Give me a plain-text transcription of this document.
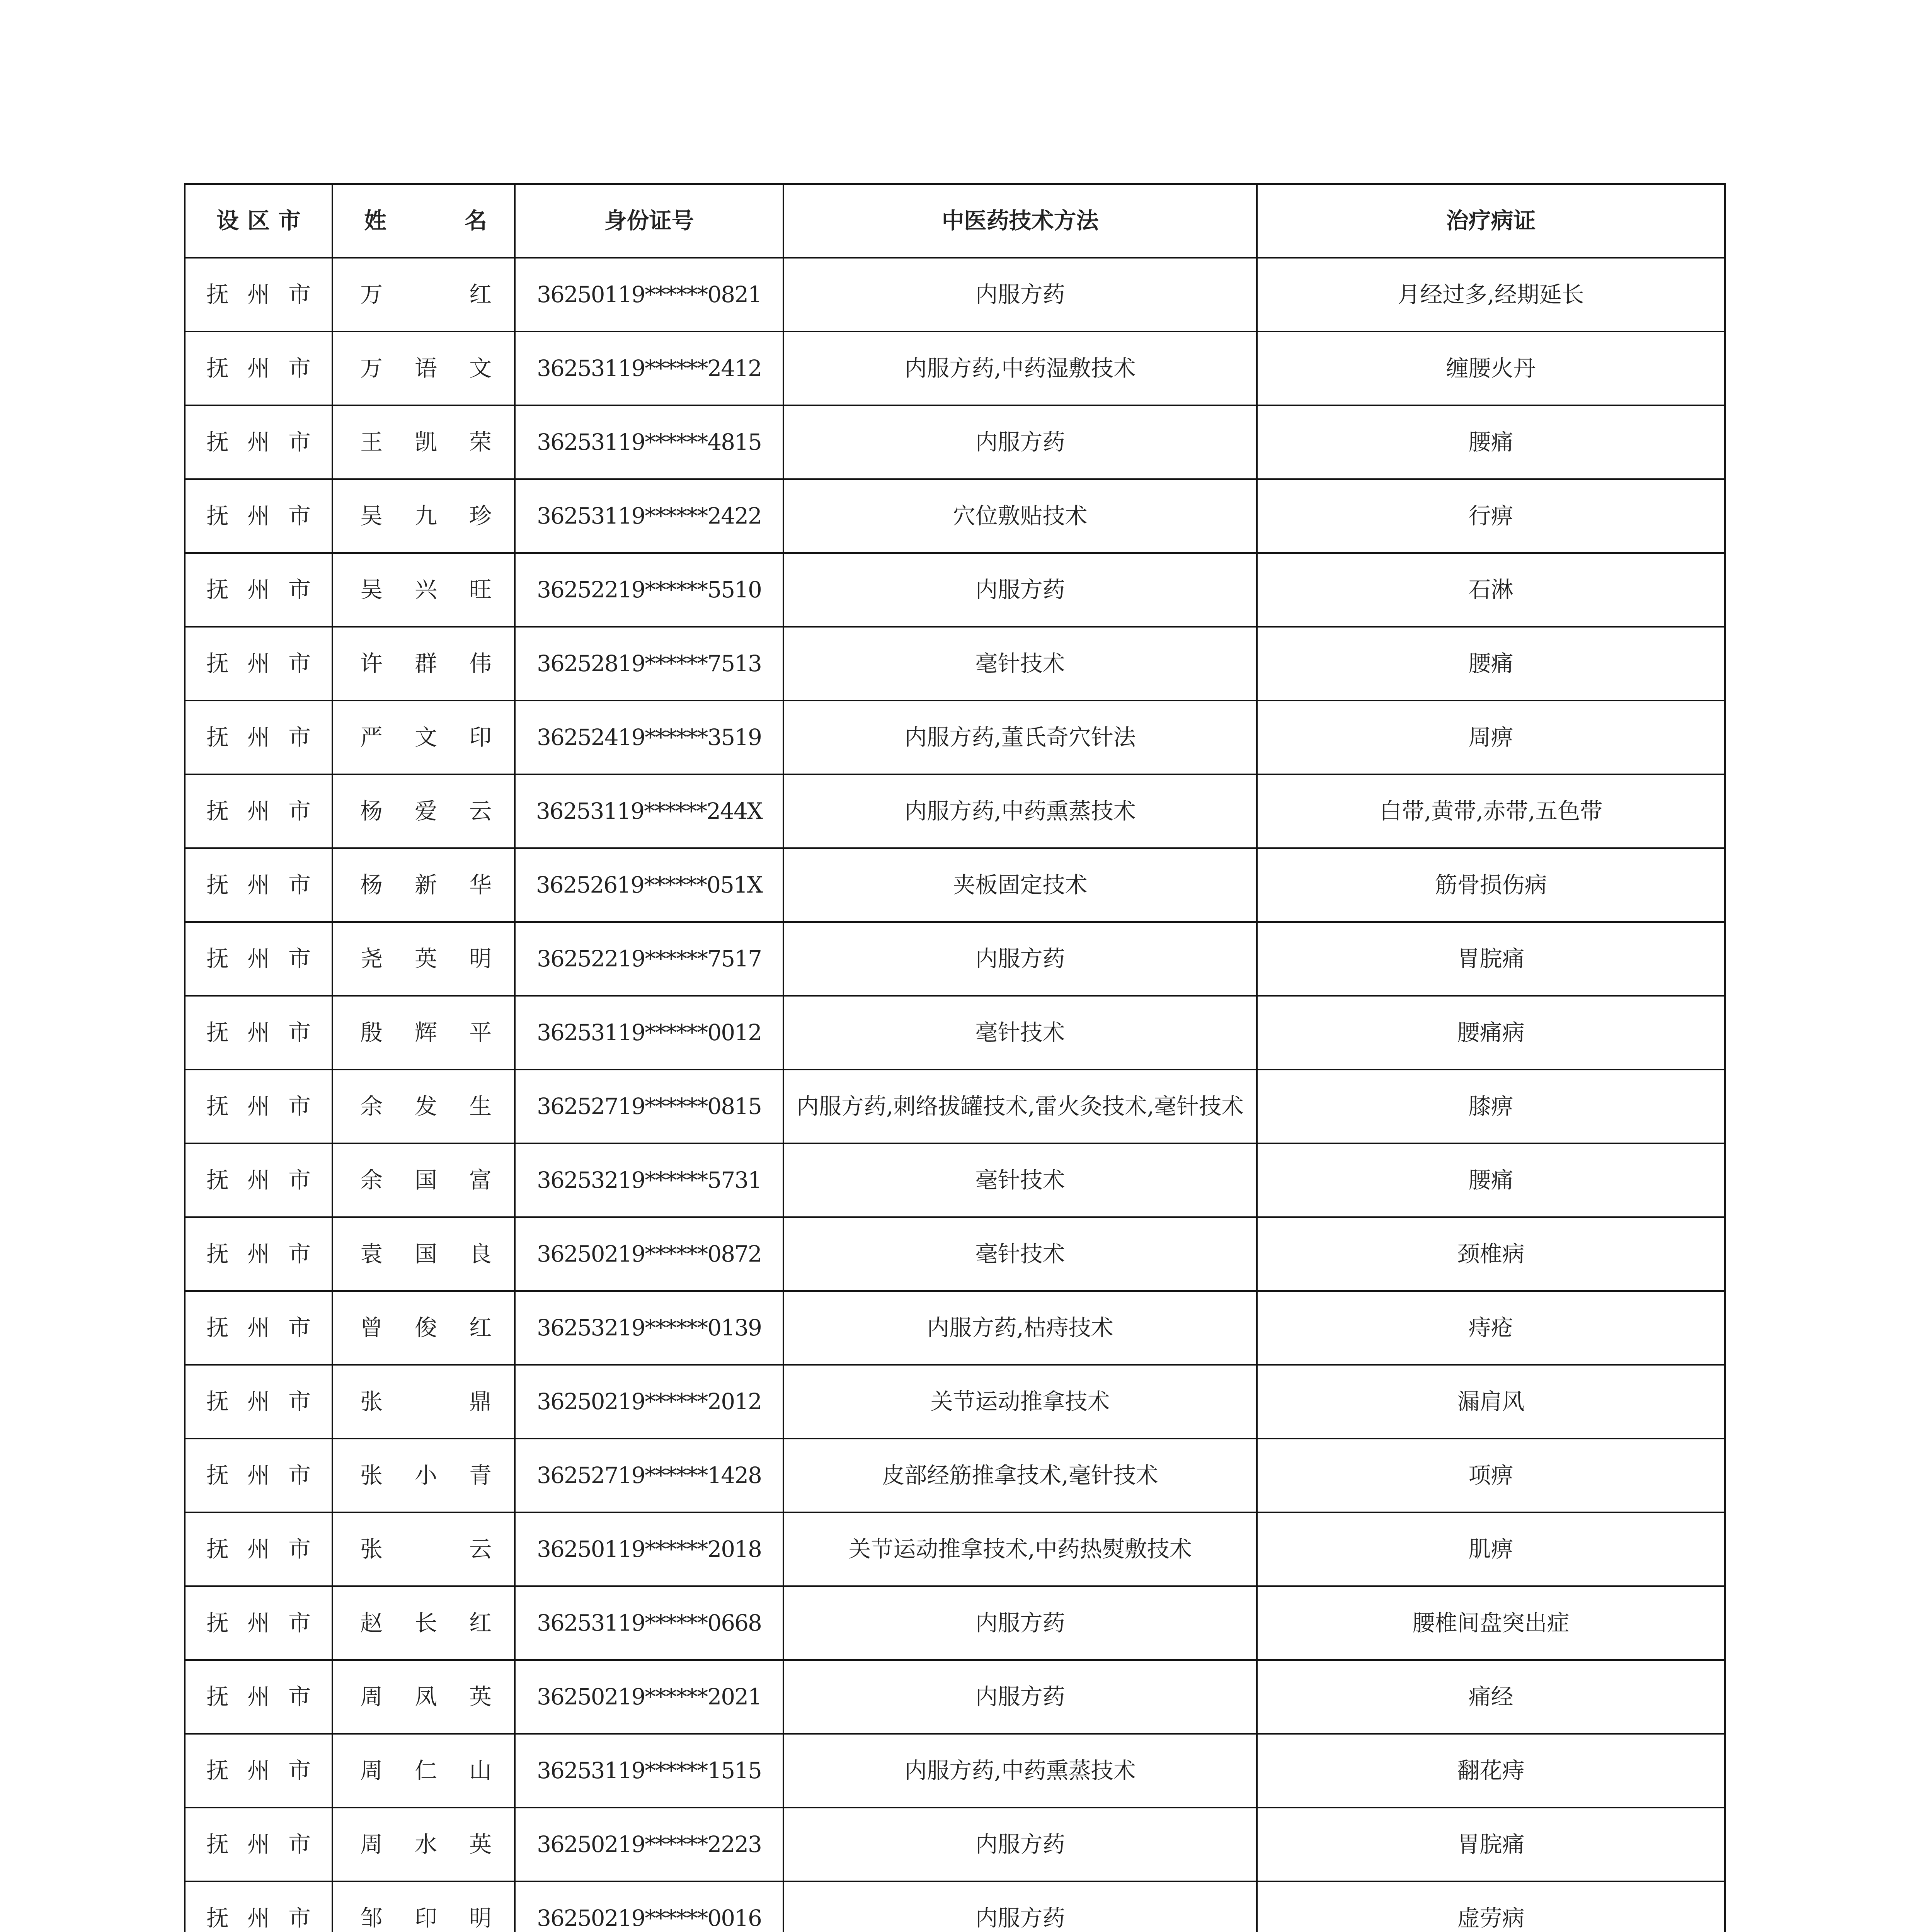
设 区 市	姓 名	身份证号	中医药技术方法	治疗病证

抚 州 市	万 红	36250119******0821	内服方药	月经过多,经期延长

抚 州 市	万 语 文	36253119******2412	内服方药,中药湿敷技术	缠腰火丹

抚 州 市	王 凯 荣	36253119******4815	内服方药	腰痛

抚 州 市	吴 九 珍	36253119******2422	穴位敷贴技术	行痹

抚 州 市	吴 兴 旺	36252219******5510	内服方药	石淋

抚 州 市	许 群 伟	36252819******7513	毫针技术	腰痛

抚 州 市	严 文 印	36252419******3519	内服方药,董氏奇穴针法	周痹

抚 州 市	杨 爱 云	36253119******244X	内服方药,中药熏蒸技术	白带,黄带,赤带,五色带

抚 州 市	杨 新 华	36252619******051X	夹板固定技术	筋骨损伤病

抚 州 市	尧 英 明	36252219******7517	内服方药	胃脘痛

抚 州 市	殷 辉 平	36253119******0012	毫针技术	腰痛病

抚 州 市	余 发 生	36252719******0815	内服方药,刺络拔罐技术,雷火灸技术,毫针技术	膝痹

抚 州 市	余 国 富	36253219******5731	毫针技术	腰痛

抚 州 市	袁 国 良	36250219******0872	毫针技术	颈椎病

抚 州 市	曾 俊 红	36253219******0139	内服方药,枯痔技术	痔疮

抚 州 市	张 鼎	36250219******2012	关节运动推拿技术	漏肩风

抚 州 市	张 小 青	36252719******1428	皮部经筋推拿技术,毫针技术	项痹

抚 州 市	张 云	36250119******2018	关节运动推拿技术,中药热熨敷技术	肌痹

抚 州 市	赵 长 红	36253119******0668	内服方药	腰椎间盘突出症

抚 州 市	周 凤 英	36250219******2021	内服方药	痛经

抚 州 市	周 仁 山	36253119******1515	内服方药,中药熏蒸技术	翻花痔

抚 州 市	周 水 英	36250219******2223	内服方药	胃脘痛

抚 州 市	邹 印 明	36250219******0016	内服方药	虚劳病
